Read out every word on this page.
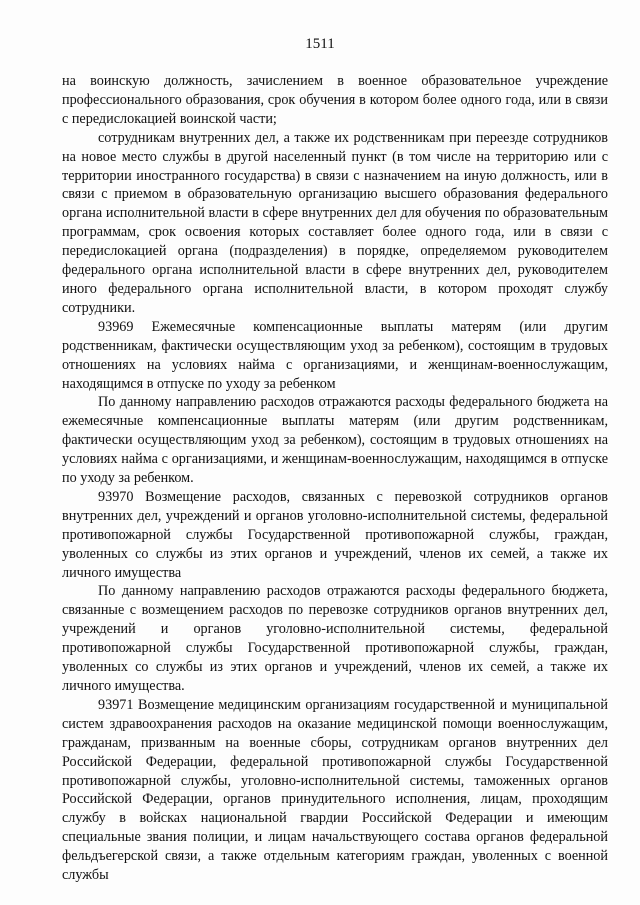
1511

на воинскую должность, зачислением в военное образовательное учреждение профессионального образования, срок обучения в котором более одного года, или в связи с передислокацией воинской части;

сотрудникам внутренних дел, а также их родственникам при переезде сотрудников на новое место службы в другой населенный пункт (в том числе на территорию или с территории иностранного государства) в связи с назначением на иную должность, или в связи с приемом в образовательную организацию высшего образования федерального органа исполнительной власти в сфере внутренних дел для обучения по образовательным программам, срок освоения которых составляет более одного года, или в связи с передислокацией органа (подразделения) в порядке, определяемом руководителем федерального органа исполнительной власти в сфере внутренних дел, руководителем иного федерального органа исполнительной власти, в котором проходят службу сотрудники.

93969 Ежемесячные компенсационные выплаты матерям (или другим родственникам, фактически осуществляющим уход за ребенком), состоящим в трудовых отношениях на условиях найма с организациями, и женщинам-военнослужащим, находящимся в отпуске по уходу за ребенком

По данному направлению расходов отражаются расходы федерального бюджета на ежемесячные компенсационные выплаты матерям (или другим родственникам, фактически осуществляющим уход за ребенком), состоящим в трудовых отношениях на условиях найма с организациями, и женщинам-военнослужащим, находящимся в отпуске по уходу за ребенком.

93970 Возмещение расходов, связанных с перевозкой сотрудников органов внутренних дел, учреждений и органов уголовно-исполнительной системы, федеральной противопожарной службы Государственной противопожарной службы, граждан, уволенных со службы из этих органов и учреждений, членов их семей, а также их личного имущества

По данному направлению расходов отражаются расходы федерального бюджета, связанные с возмещением расходов по перевозке сотрудников органов внутренних дел, учреждений и органов уголовно-исполнительной системы, федеральной противопожарной службы Государственной противопожарной службы, граждан, уволенных со службы из этих органов и учреждений, членов их семей, а также их личного имущества.

93971 Возмещение медицинским организациям государственной и муниципальной систем здравоохранения расходов на оказание медицинской помощи военнослужащим, гражданам, призванным на военные сборы, сотрудникам органов внутренних дел Российской Федерации, федеральной противопожарной службы Государственной противопожарной службы, уголовно-исполнительной системы, таможенных органов Российской Федерации, органов принудительного исполнения, лицам, проходящим службу в войсках национальной гвардии Российской Федерации и имеющим специальные звания полиции, и лицам начальствующего состава органов федеральной фельдъегерской связи, а также отдельным категориям граждан, уволенных с военной службы
